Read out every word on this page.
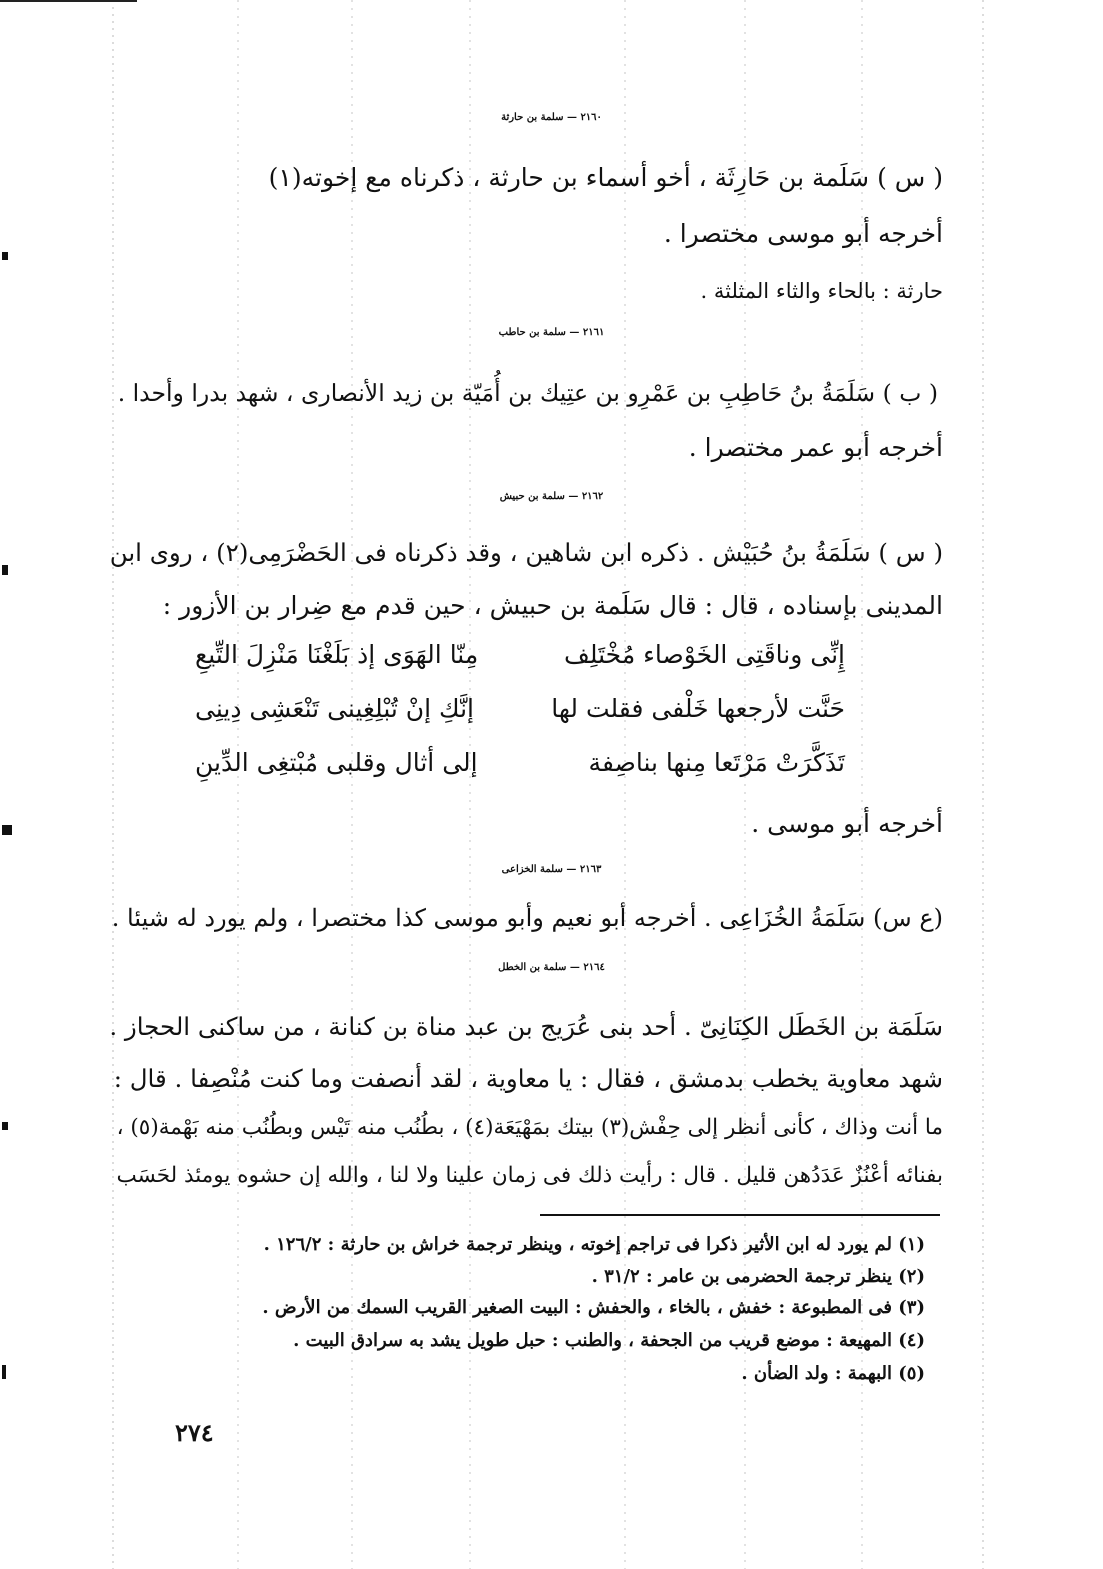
٢١٦٠ — سلمة بن حارثة
( س ) سَلَمة بن حَارِثَة ، أخو أسماء بن حارثة ، ذكرناه مع إخوته(١)
أخرجه أبو موسى مختصرا .
حارثة : بالحاء والثاء المثلثة .
٢١٦١ — سلمة بن حاطب
( ب ) سَلَمَةُ بنُ حَاطِبِ بن عَمْرِو بن عتِيك بن أُمَيّة بن زيد الأنصارى ، شهد بدرا وأحدا .
أخرجه أبو عمر مختصرا .
٢١٦٢ — سلمة بن حبيش
( س ) سَلَمَةُ بنُ حُبَيْش . ذكره ابن شاهين ، وقد ذكرناه فى الحَضْرَمِى(٢) ، روى ابن
المدينى بإسناده ، قال : قال سَلَمة بن حبيش ، حين قدم مع ضِرار بن الأزور :
إِنِّى وناقَتِى الخَوْصاء مُخْتَلِف
مِنّا الهَوَى إذ بَلَغْنَا مَنْزِلَ التِّيعِ
حَنَّت لأرجعها خَلْفى فقلت لها
إنَّكِ إنْ تُبْلِغِينى تَنْعَشِى دِينِى
تَذَكَّرَتْ مَرْتَعا مِنها بناصِفة
إلى أثال وقلبى مُبْتغِى الدِّينِ
أخرجه أبو موسى .
٢١٦٣ — سلمة الخزاعى
(ع س) سَلَمَةُ الخُزَاعِى . أخرجه أبو نعيم وأبو موسى كذا مختصرا ، ولم يورد له شيئا .
٢١٦٤ — سلمة بن الخطل
سَلَمَة بن الخَطَل الكِنَانِىّ . أحد بنى عُرَيج بن عبد مناة بن كنانة ، من ساكنى الحجاز .
شهد معاوية يخطب بدمشق ، فقال : يا معاوية ، لقد أنصفت وما كنت مُنْصِفا . قال :
ما أنت وذاك ، كأنى أنظر إلى حِفْش(٣) بيتك بمَهْيَعَة(٤) ، بطُنُب منه تَيْس وبطُنُب منه بَهْمة(٥) ،
بفنائه أعْنُزٌ عَدَدُهن قليل . قال : رأيت ذلك فى زمان علينا ولا لنا ، والله إن حشوه يومئذ لحَسَب
(١) لم يورد له ابن الأثير ذكرا فى تراجم إخوته ، وينظر ترجمة خراش بن حارثة : ١٢٦/٢ .
(٢) ينظر ترجمة الحضرمى بن عامر : ٣١/٢ .
(٣) فى المطبوعة : خفش ، بالخاء ، والحفش : البيت الصغير القريب السمك من الأرض .
(٤) المهيعة : موضع قريب من الجحفة ، والطنب : حبل طويل يشد به سرادق البيت .
(٥) البهمة : ولد الضأن .
٢٧٤
